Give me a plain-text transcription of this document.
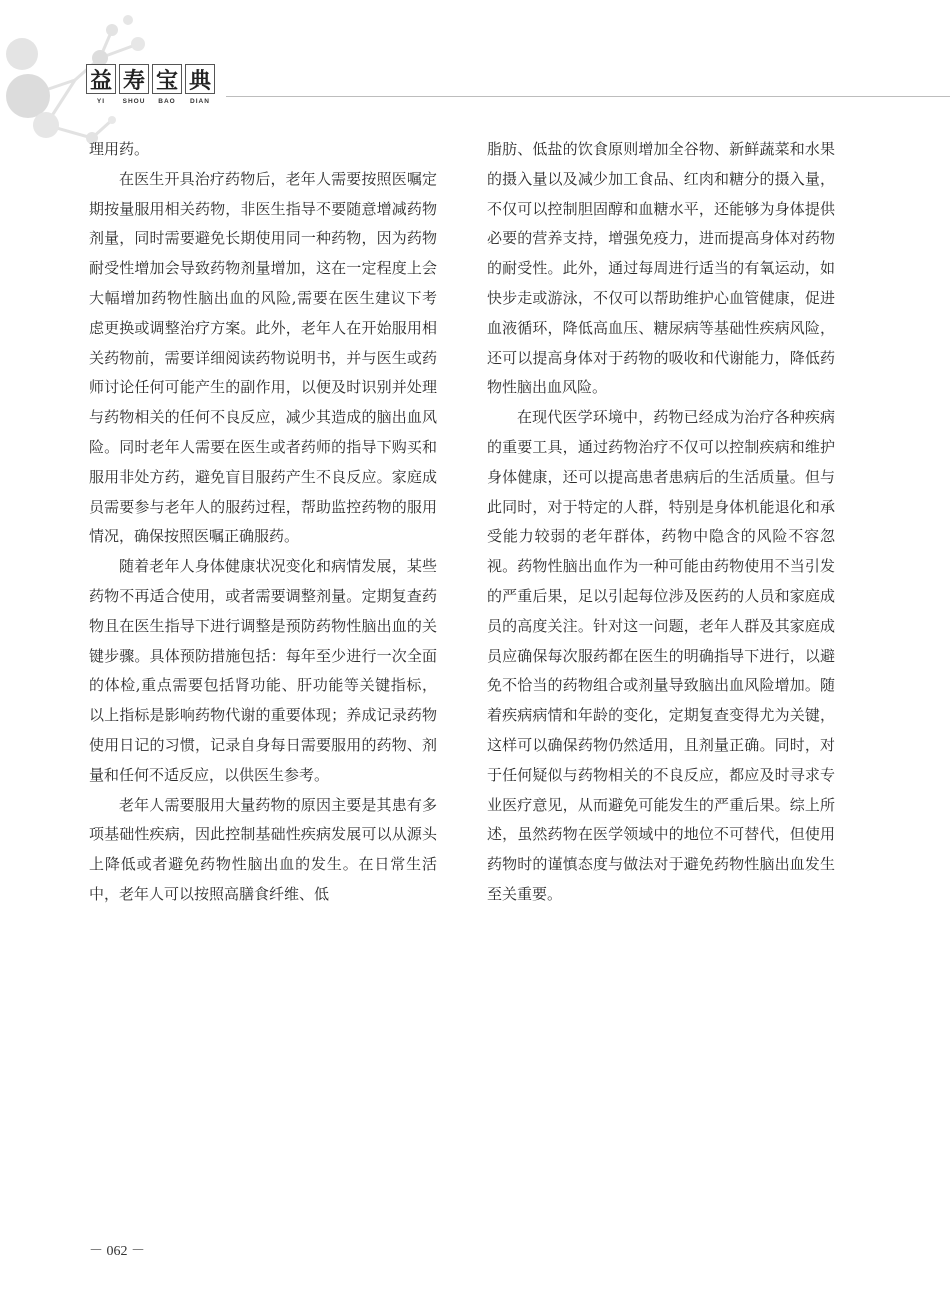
益 寿 宝 典
YI	SHOU	BAO	DIAN

理用药。

在医生开具治疗药物后，老年人需要按照医嘱定期按量服用相关药物，非医生指导不要随意增减药物剂量，同时需要避免长期使用同一种药物，因为药物耐受性增加会导致药物剂量增加，这在一定程度上会大幅增加药物性脑出血的风险,需要在医生建议下考虑更换或调整治疗方案。此外，老年人在开始服用相关药物前，需要详细阅读药物说明书，并与医生或药师讨论任何可能产生的副作用，以便及时识别并处理与药物相关的任何不良反应，减少其造成的脑出血风险。同时老年人需要在医生或者药师的指导下购买和服用非处方药，避免盲目服药产生不良反应。家庭成员需要参与老年人的服药过程，帮助监控药物的服用情况，确保按照医嘱正确服药。

随着老年人身体健康状况变化和病情发展，某些药物不再适合使用，或者需要调整剂量。定期复查药物且在医生指导下进行调整是预防药物性脑出血的关键步骤。具体预防措施包括：每年至少进行一次全面的体检,重点需要包括肾功能、肝功能等关键指标，以上指标是影响药物代谢的重要体现；养成记录药物使用日记的习惯，记录自身每日需要服用的药物、剂量和任何不适反应，以供医生参考。

老年人需要服用大量药物的原因主要是其患有多项基础性疾病，因此控制基础性疾病发展可以从源头上降低或者避免药物性脑出血的发生。在日常生活中，老年人可以按照高膳食纤维、低

脂肪、低盐的饮食原则增加全谷物、新鲜蔬菜和水果的摄入量以及减少加工食品、红肉和糖分的摄入量，不仅可以控制胆固醇和血糖水平，还能够为身体提供必要的营养支持，增强免疫力，进而提高身体对药物的耐受性。此外，通过每周进行适当的有氧运动，如快步走或游泳，不仅可以帮助维护心血管健康，促进血液循环，降低高血压、糖尿病等基础性疾病风险，还可以提高身体对于药物的吸收和代谢能力，降低药物性脑出血风险。

在现代医学环境中，药物已经成为治疗各种疾病的重要工具，通过药物治疗不仅可以控制疾病和维护身体健康，还可以提高患者患病后的生活质量。但与此同时，对于特定的人群，特别是身体机能退化和承受能力较弱的老年群体，药物中隐含的风险不容忽视。药物性脑出血作为一种可能由药物使用不当引发的严重后果，足以引起每位涉及医药的人员和家庭成员的高度关注。针对这一问题，老年人群及其家庭成员应确保每次服药都在医生的明确指导下进行，以避免不恰当的药物组合或剂量导致脑出血风险增加。随着疾病病情和年龄的变化，定期复查变得尤为关键，这样可以确保药物仍然适用，且剂量正确。同时，对于任何疑似与药物相关的不良反应，都应及时寻求专业医疗意见，从而避免可能发生的严重后果。综上所述，虽然药物在医学领域中的地位不可替代，但使用药物时的谨慎态度与做法对于避免药物性脑出血发生至关重要。

－ 062 －
